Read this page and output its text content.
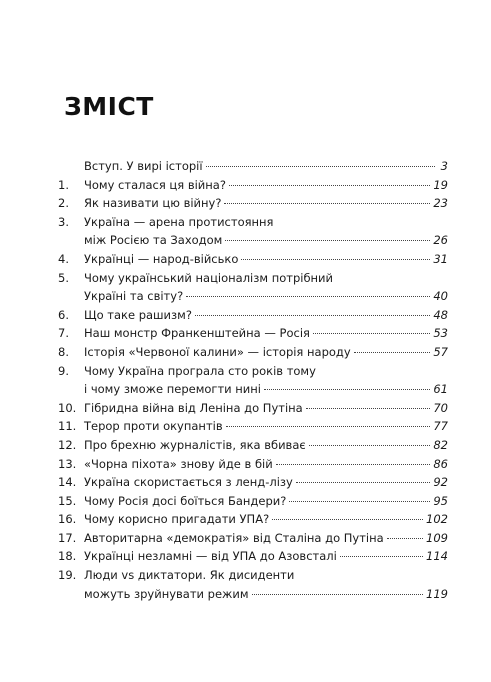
ЗМІСТ
Вступ. У вирі історії	3
1.	Чому сталася ця війна?	19
2.	Як називати цю війну?	23
3.	Україна — арена протистояння
між Росією та Заходом	26
4.	Українці — народ-військо	31
5.	Чому український націоналізм потрібний
Україні та світу?	40
6.	Що таке рашизм?	48
7.	Наш монстр Франкенштейна — Росія	53
8.	Історія «Червоної калини» — історія народу	57
9.	Чому Україна програла сто років тому
і чому зможе перемогти нині	61
10. Гібридна війна від Леніна до Путіна	70
11. Терор проти окупантів	77
12. Про брехню журналістів, яка вбиває	82
13. «Чорна піхота» знову йде в бій	86
14. Україна скористається з ленд-лізу	92
15. Чому Росія досі боїться Бандери?	95
16. Чому корисно пригадати УПА?	102
17. Авторитарна «демократія» від Сталіна до Путіна	109
18. Українці незламні — від УПА до Азовсталі	114
19. Люди vs диктатори. Як дисиденти
можуть зруйнувати режим	119
